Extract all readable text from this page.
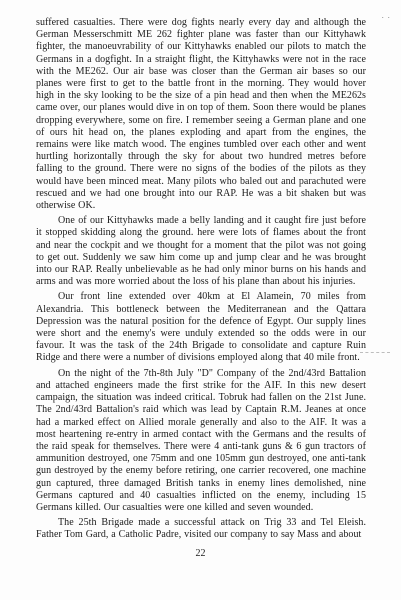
· ·

suffered casualties. There were dog fights nearly every day and although the German Messerschmitt ME 262 fighter plane was faster than our Kittyhawk fighter, the manoeuvrability of our Kittyhawks enabled our pilots to match the Germans in a dogfight. In a straight flight, the Kittyhawks were not in the race with the ME262. Our air base was closer than the German air bases so our planes were first to get to the battle front in the morning. They would hover high in the sky looking to be the size of a pin head and then when the ME262s came over, our planes would dive in on top of them. Soon there would be planes dropping everywhere, some on fire. I remember seeing a German plane and one of ours hit head on, the planes exploding and apart from the engines, the remains were like match wood. The engines tumbled over each other and went hurtling horizontally through the sky for about two hundred metres before falling to the ground. There were no signs of the bodies of the pilots as they would have been minced meat. Many pilots who baled out and parachuted were rescued and we had one brought into our RAP. He was a bit shaken but was otherwise OK.

One of our Kittyhawks made a belly landing and it caught fire just before it stopped skidding along the ground. here were lots of flames about the front and near the cockpit and we thought for a moment that the pilot was not going to get out. Suddenly we saw him come up and jump clear and he was brought into our RAP. Really unbelievable as he had only minor burns on his hands and arms and was more worried about the loss of his plane than about his injuries.

Our front line extended over 40km at El Alamein, 70 miles from Alexandria. This bottleneck between the Mediterranean and the Qattara Depression was the natural position for the defence of Egypt. Our supply lines were short and the enemy's were unduly extended so the odds were in our favour. It was the task of the 24th Brigade to consolidate and capture Ruin Ridge and there were a number of divisions employed along that 40 mile front.

On the night of the 7th-8th July "D" Company of the 2nd/43rd Battalion and attached engineers made the first strike for the AIF. In this new desert campaign, the situation was indeed critical. Tobruk had fallen on the 21st June. The 2nd/43rd Battalion's raid which was lead by Captain R.M. Jeanes at once had a marked effect on Allied morale generally and also to the AIF. It was a most heartening re-entry in armed contact with the Germans and the results of the raid speak for themselves. There were 4 anti-tank guns & 6 gun tractors of ammunition destroyed, one 75mm and one 105mm gun destroyed, one anti-tank gun destroyed by the enemy before retiring, one carrier recovered, one machine gun captured, three damaged British tanks in enemy lines demolished, nine Germans captured and 40 casualties inflicted on the enemy, including 15 Germans killed. Our casualties were one killed and seven wounded.

The 25th Brigade made a successful attack on Trig 33 and Tel Eleish. Father Tom Gard, a Catholic Padre, visited our company to say Mass and about

22
